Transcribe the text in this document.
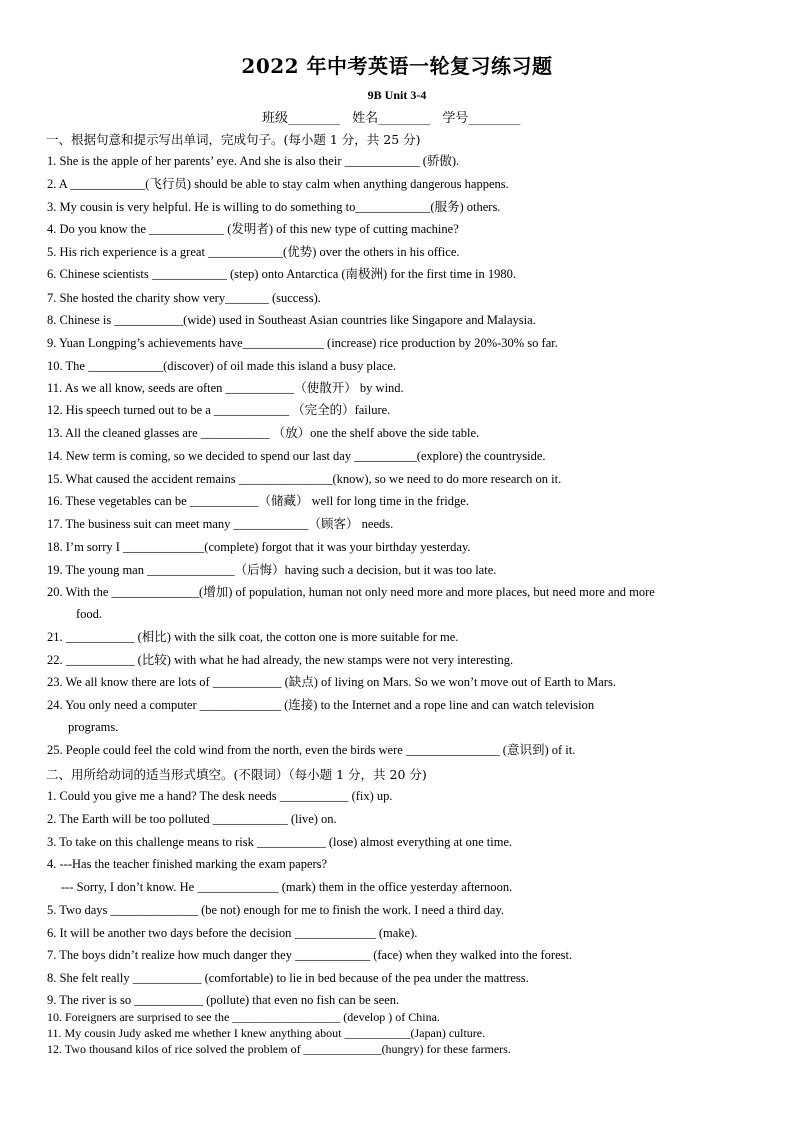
2022 年中考英语一轮复习练习题
9B Unit 3-4
班级________ 姓名________ 学号________
一、根据句意和提示写出单词，完成句子。(每小题 1 分，共 25 分)
1. She is the apple of her parents’ eye. And she is also their ____________ (骄傲).
2. A ____________(飞行员) should be able to stay calm when anything dangerous happens.
3. My cousin is very helpful. He is willing to do something to____________(服务) others.
4. Do you know the ____________ (发明者) of this new type of cutting machine?
5. His rich experience is a great ____________(优势) over the others in his office.
6. Chinese scientists ____________ (step) onto Antarctica (南极洲) for the first time in 1980.
7. She hosted the charity show very_______ (success).
8. Chinese is ___________(wide) used in Southeast Asian countries like Singapore and Malaysia.
9. Yuan Longping’s achievements have_____________ (increase) rice production by 20%-30% so far.
10. The ____________(discover) of oil made this island a busy place.
11. As we all know, seeds are often ___________（使散开） by wind.
12. His speech turned out to be a ____________ （完全的）failure.
13. All the cleaned glasses are ___________ （放）one the shelf above the side table.
14. New term is coming, so we decided to spend our last day __________(explore) the countryside.
15. What caused the accident remains _______________(know), so we need to do more research on it.
16. These vegetables can be ___________（储藏） well for long time in the fridge.
17. The business suit can meet many ____________（顾客） needs.
18. I’m sorry I _____________(complete) forgot that it was your birthday yesterday.
19. The young man ______________（后悔）having such a decision, but it was too late.
20. With the ______________(增加) of population, human not only need more and more places, but need more and more
food.
21. ___________ (相比) with the silk coat, the cotton one is more suitable for me.
22. ___________ (比较) with what he had already, the new stamps were not very interesting.
23. We all know there are lots of ___________ (缺点) of living on Mars. So we won’t move out of Earth to Mars.
24. You only need a computer _____________ (连接) to the Internet and a rope line and can watch television
programs.
25. People could feel the cold wind from the north, even the birds were _______________ (意识到) of it.
二、用所给动词的适当形式填空。(不限词）（每小题 1 分，共 20 分)
1. Could you give me a hand? The desk needs ___________ (fix) up.
2. The Earth will be too polluted ____________ (live) on.
3. To take on this challenge means to risk ___________ (lose) almost everything at one time.
4. ---Has the teacher finished marking the exam papers?
--- Sorry, I don’t know. He _____________ (mark) them in the office yesterday afternoon.
5. Two days ______________ (be not) enough for me to finish the work. I need a third day.
6. It will be another two days before the decision _____________ (make).
7. The boys didn’t realize how much danger they ____________ (face) when they walked into the forest.
8. She felt really ___________ (comfortable) to lie in bed because of the pea under the mattress.
9. The river is so ___________ (pollute) that even no fish can be seen.
10. Foreigners are surprised to see the __________________ (develop ) of China.
11. My cousin Judy asked me whether I knew anything about ___________(Japan) culture.
12. Two thousand kilos of rice solved the problem of _____________(hungry) for these farmers.
